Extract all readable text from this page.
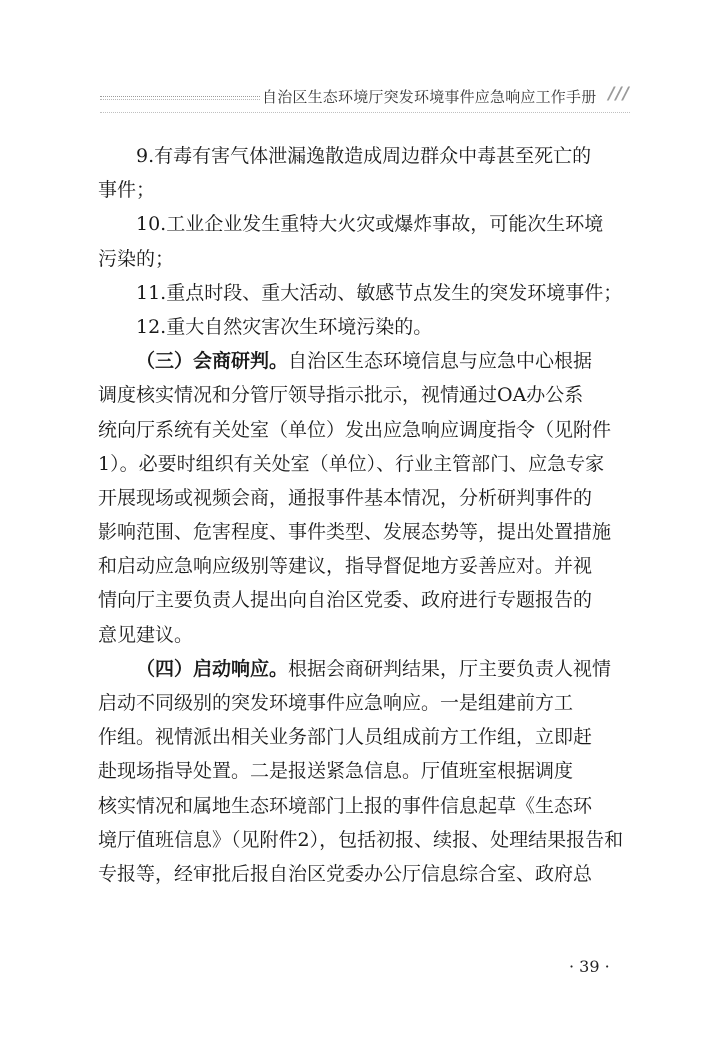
自治区生态环境厅突发环境事件应急响应工作手册 ///
9.有毒有害气体泄漏逸散造成周边群众中毒甚至死亡的
事件；
10.工业企业发生重特大火灾或爆炸事故，可能次生环境
污染的；
11.重点时段、重大活动、敏感节点发生的突发环境事件；
12.重大自然灾害次生环境污染的。
（三）会商研判。自治区生态环境信息与应急中心根据
调度核实情况和分管厅领导指示批示，视情通过OA办公系
统向厅系统有关处室（单位）发出应急响应调度指令（见附件
1）。必要时组织有关处室（单位）、行业主管部门、应急专家
开展现场或视频会商，通报事件基本情况，分析研判事件的
影响范围、危害程度、事件类型、发展态势等，提出处置措施
和启动应急响应级别等建议，指导督促地方妥善应对。并视
情向厅主要负责人提出向自治区党委、政府进行专题报告的
意见建议。
（四）启动响应。根据会商研判结果，厅主要负责人视情
启动不同级别的突发环境事件应急响应。一是组建前方工
作组。视情派出相关业务部门人员组成前方工作组，立即赶
赴现场指导处置。二是报送紧急信息。厅值班室根据调度
核实情况和属地生态环境部门上报的事件信息起草《生态环
境厅值班信息》（见附件2），包括初报、续报、处理结果报告和
专报等，经审批后报自治区党委办公厅信息综合室、政府总
· 39 ·
